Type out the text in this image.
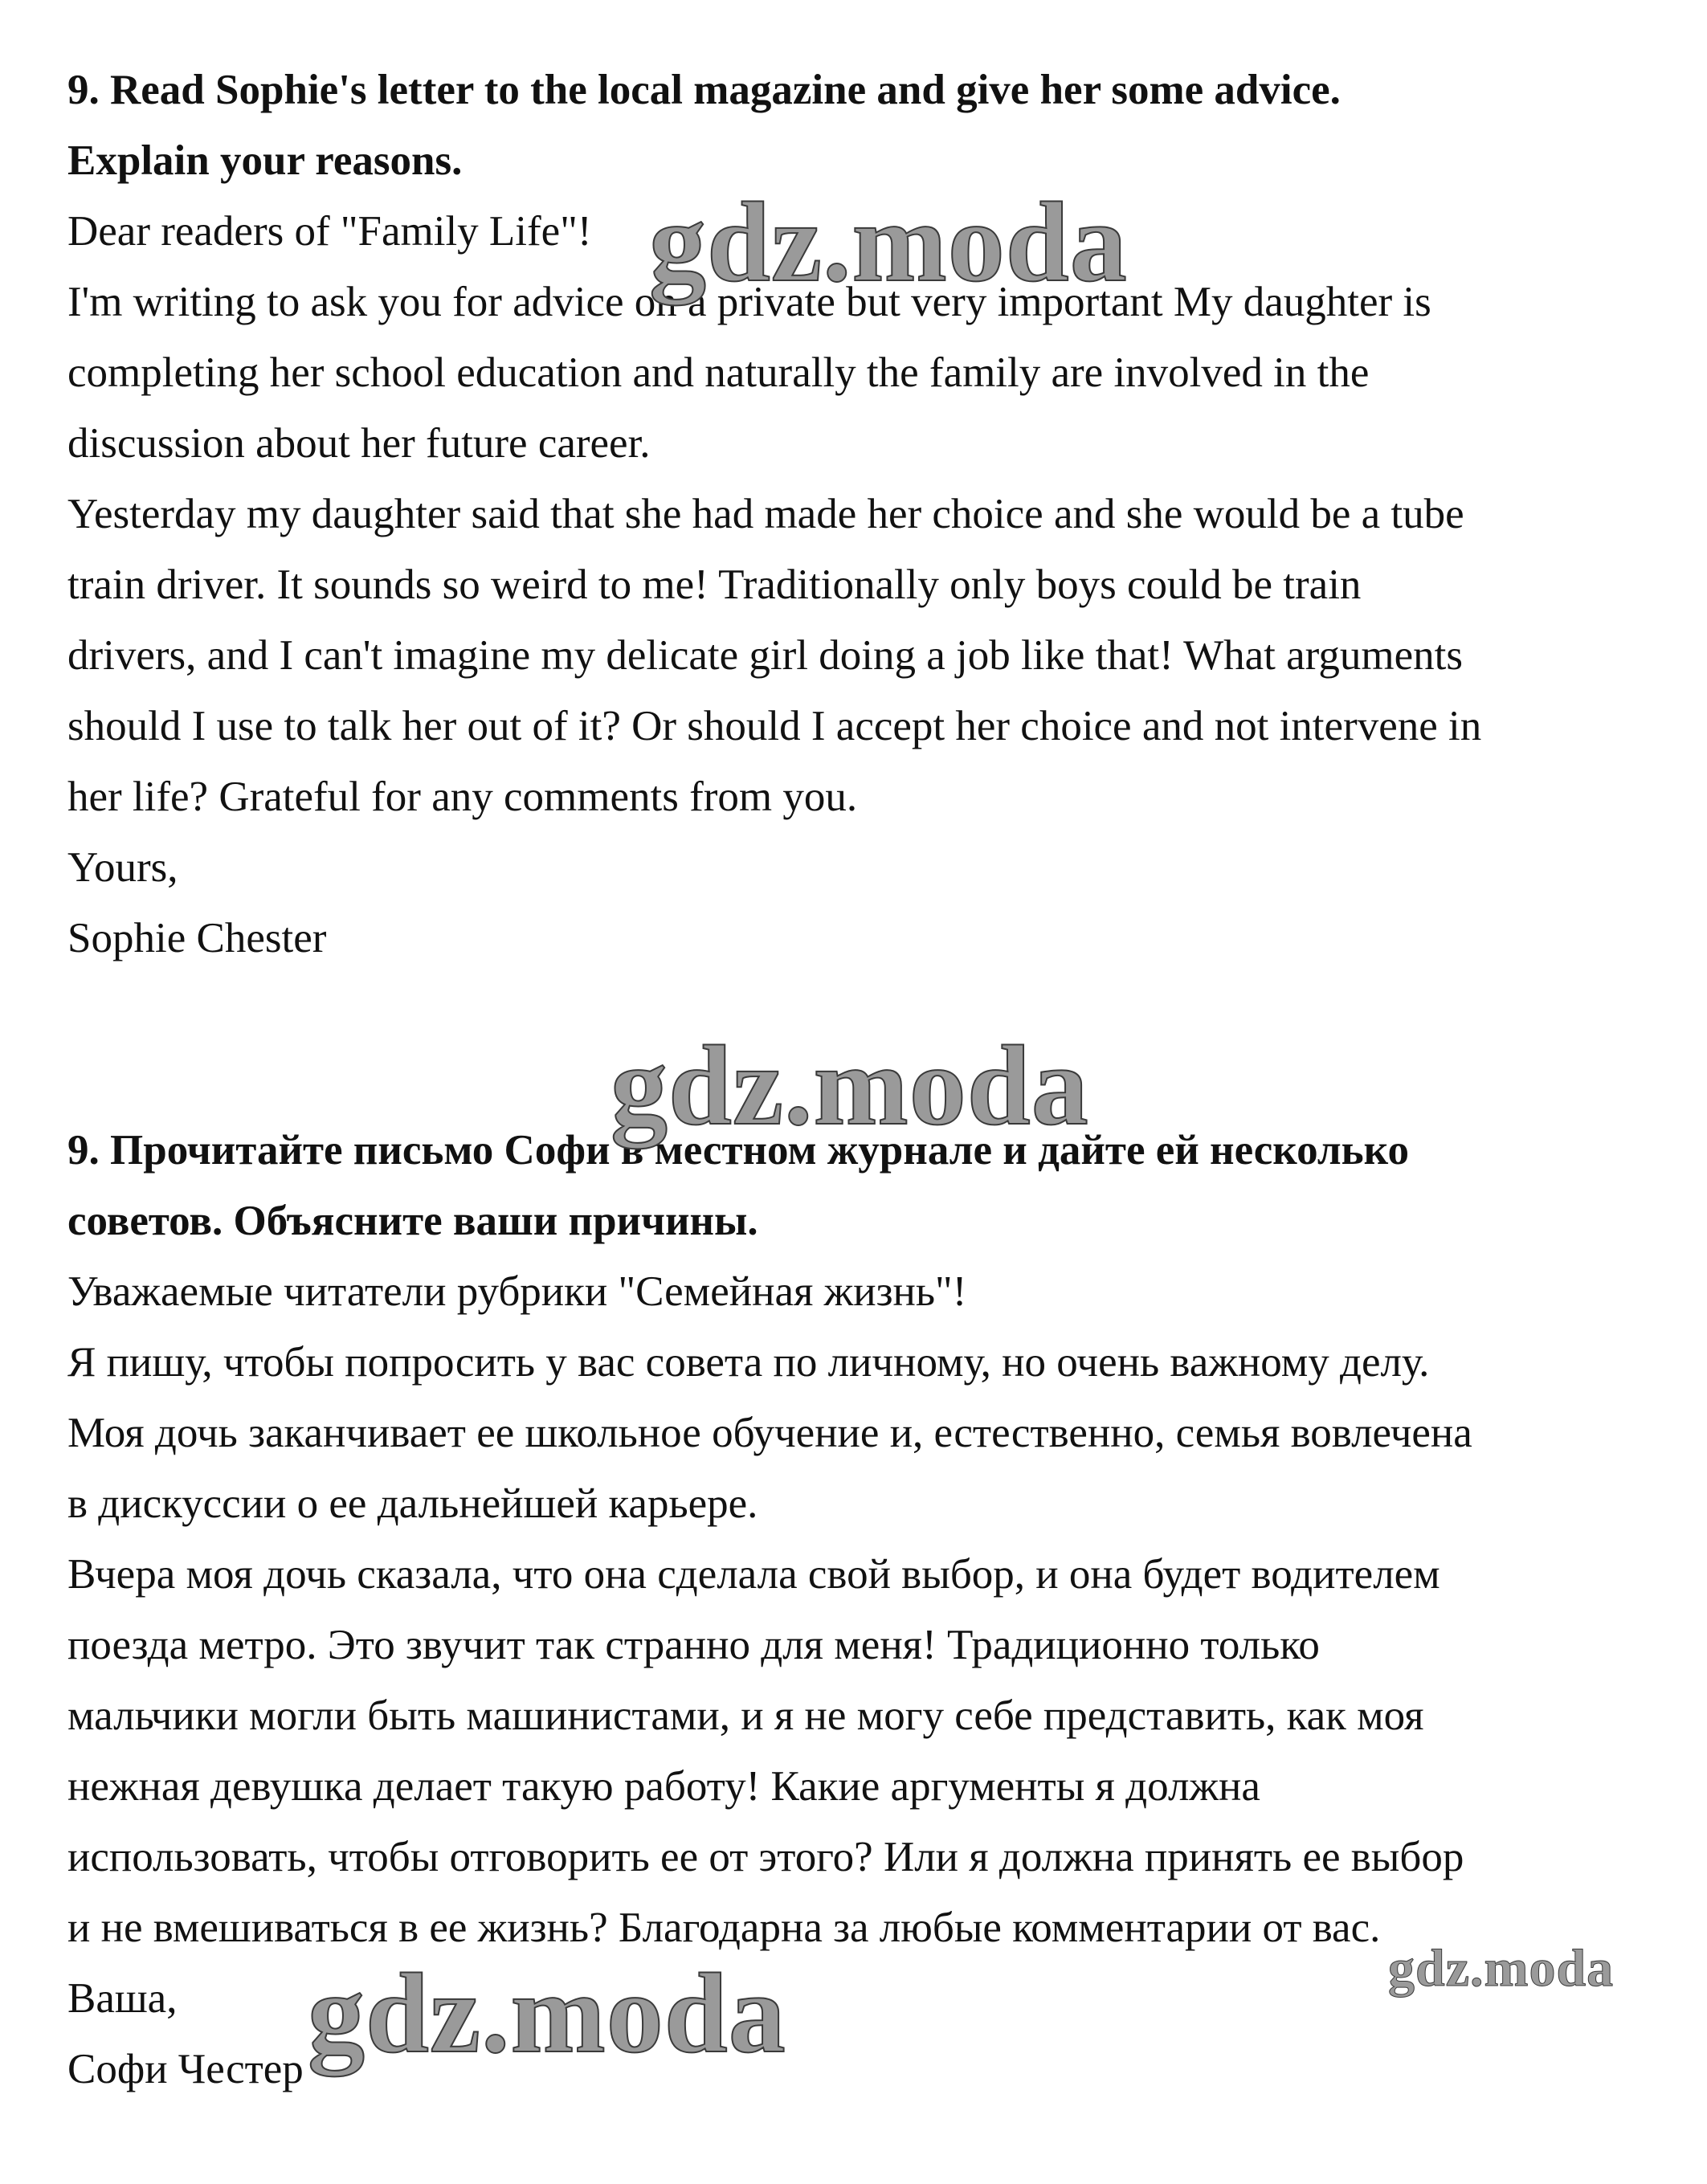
9. Read Sophie's letter to the local magazine and give her some advice.
Explain your reasons.
Dear readers of "Family Life"!
I'm writing to ask you for advice on a private but very important My daughter is
completing her school education and naturally the family are involved in the
discussion about her future career.
Yesterday my daughter said that she had made her choice and she would be a tube
train driver. It sounds so weird to me! Traditionally only boys could be train
drivers, and I can't imagine my delicate girl doing a job like that! What arguments
should I use to talk her out of it? Or should I accept her choice and not intervene in
her life? Grateful for any comments from you.
Yours,
Sophie Chester
9. Прочитайте письмо Софи в местном журнале и дайте ей несколько
советов. Объясните ваши причины.
Уважаемые читатели рубрики "Семейная жизнь"!
Я пишу, чтобы попросить у вас совета по личному, но очень важному делу.
Моя дочь заканчивает ее школьное обучение и, естественно, семья вовлечена
в дискуссии о ее дальнейшей карьере.
Вчера моя дочь сказала, что она сделала свой выбор, и она будет водителем
поезда метро. Это звучит так странно для меня! Традиционно только
мальчики могли быть машинистами, и я не могу себе представить, как моя
нежная девушка делает такую работу! Какие аргументы я должна
использовать, чтобы отговорить ее от этого? Или я должна принять ее выбор
и не вмешиваться в ее жизнь? Благодарна за любые комментарии от вас.
Ваша,
Софи Честер
gdz.moda
gdz.moda
gdz.moda	gdz.moda
